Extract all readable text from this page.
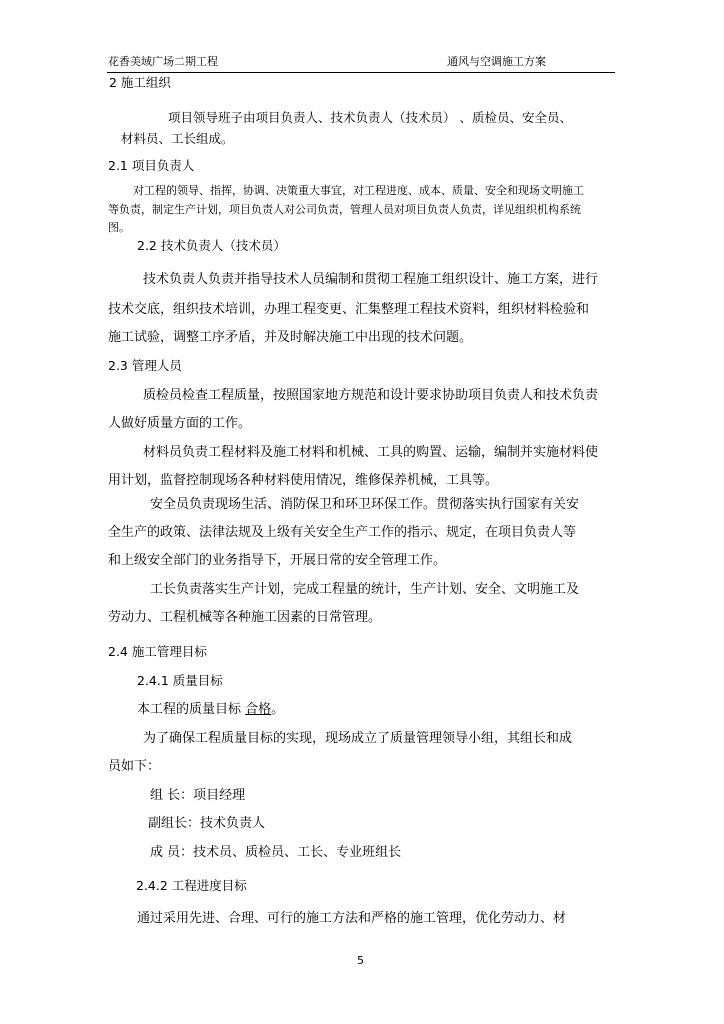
花香美域广场二期工程	通风与空调施工方案
2 施工组织
项目领导班子由项目负责人、技术负责人（技术员） 、质检员、安全员、
材料员、工长组成。
2.1 项目负责人
对工程的领导、指挥，协调、决策重大事宜，对工程进度、成本、质量、安全和现场文明施工
等负责，制定生产计划，项目负责人对公司负责，管理人员对项目负责人负责，详见组织机构系统
图。
2.2 技术负责人（技术员）
技术负责人负责并指导技术人员编制和贯彻工程施工组织设计、施工方案，进行
技术交底，组织技术培训，办理工程变更、汇集整理工程技术资料，组织材料检验和
施工试验，调整工序矛盾，并及时解决施工中出现的技术问题。
2.3 管理人员
质检员检查工程质量，按照国家地方规范和设计要求协助项目负责人和技术负责
人做好质量方面的工作。
材料员负责工程材料及施工材料和机械、工具的购置、运输，编制并实施材料使
用计划，监督控制现场各种材料使用情况，维修保养机械，工具等。
安全员负责现场生活、消防保卫和环卫环保工作。贯彻落实执行国家有关安
全生产的政策、法律法规及上级有关安全生产工作的指示、规定，在项目负责人等
和上级安全部门的业务指导下，开展日常的安全管理工作。
工长负责落实生产计划，完成工程量的统计，生产计划、安全、文明施工及
劳动力、工程机械等各种施工因素的日常管理。
2.4 施工管理目标
2.4.1 质量目标
本工程的质量目标 合格。
为了确保工程质量目标的实现，现场成立了质量管理领导小组，其组长和成
员如下：
组 长：项目经理
副组长：技术负责人
成 员：技术员、质检员、工长、专业班组长
2.4.2 工程进度目标
通过采用先进、合理、可行的施工方法和严格的施工管理，优化劳动力、材
5
